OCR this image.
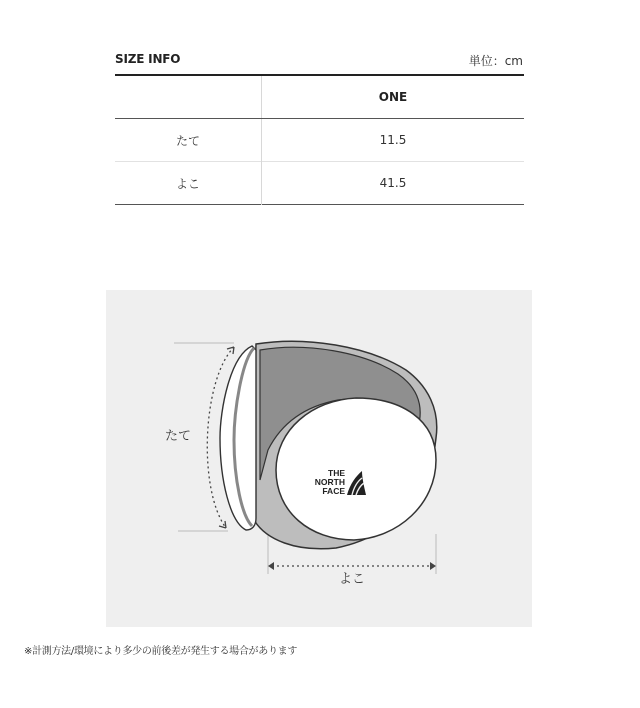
SIZE INFO	単位：cm
	ONE
たて	11.5
よこ	41.5
THE
NORTH
FACE
たて
よこ
※計測方法/環境により多少の前後差が発生する場合があります
